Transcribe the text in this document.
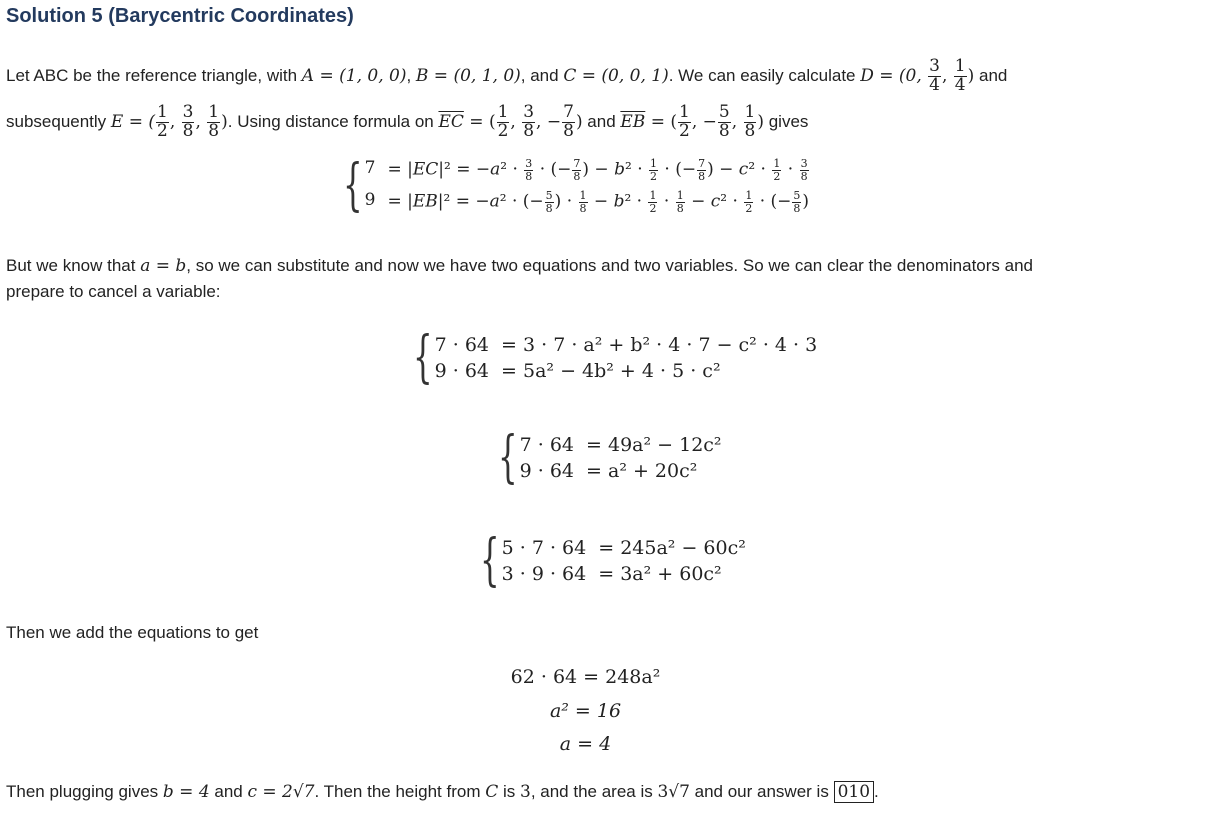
Solution 5 (Barycentric Coordinates)
Let ABC be the reference triangle, with A = (1, 0, 0), B = (0, 1, 0), and C = (0, 0, 1). We can easily calculate D = (0, $\frac{3}{4}$ , $\frac{1}{4}$ ) and
subsequently E = ( $\frac{1}{2}$ , $\frac{3}{8}$ , $\frac{1}{8}$ ). Using distance formula on $\overline{EC}$ = ( $\frac{1}{2}$ , $\frac{3}{8}$ , − $\frac{7}{8}$ ) and $\overline{EB}$ = ( $\frac{1}{2}$ , − $\frac{5}{8}$ , $\frac{1}{8}$ ) gives
{ $7 = |EC|^2 = -a^2 \cdot \frac{3}{8}$ · (− $\frac{7}{8}$ ) − $b^2 \cdot \frac{1}{2}$ · (− $\frac{7}{8}$ ) − $c^2 \cdot \frac{1}{2} \cdot \frac{3}{8}$
9 = |EB|² = −a² · (− $\frac{5}{8}$ ) · $\frac{1}{8} - b^2 \cdot \frac{1}{2} \cdot \frac{1}{8} - c^2 \cdot \frac{1}{2}$ · (− $\frac{5}{8}$ )
But we know that a = b, so we can substitute and now we have two equations and two variables. So we can clear the denominators and
prepare to cancel a variable:
{ 7 · 64 = 3 · 7 · a² + b² · 4 · 7 − c² · 4 · 3
9 · 64 = 5a² − 4b² + 4 · 5 · c²
{ 7 · 64 = 49a² − 12c²
9 · 64 = a² + 20c²
{ 5 · 7 · 64 = 245a² − 60c²
3 · 9 · 64 = 3a² + 60c²
Then we add the equations to get
62 · 64 = 248a²
a² = 16
a = 4
Then plugging gives b = 4 and c = 2√7. Then the height from C is 3, and the area is 3√7 and our answer is 010 .
